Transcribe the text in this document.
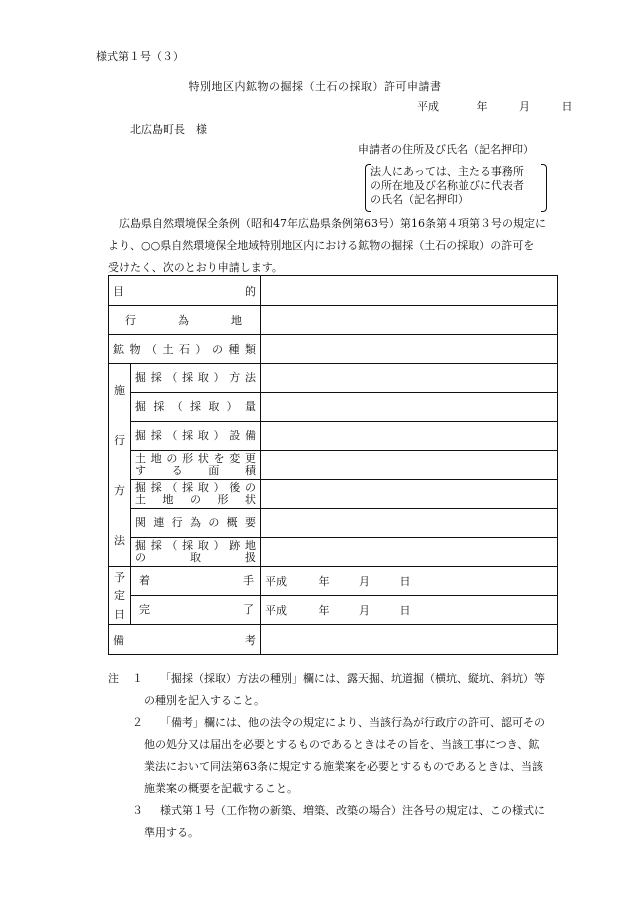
様式第１号（３）
特別地区内鉱物の掘採（土石の採取）許可申請書
平成	年	月	日
北広島町長　様
申請者の住所及び氏名（記名押印）
法人にあっては、主たる事務所
の所在地及び名称並びに代表者
の氏名（記名押印）

広島県自然環境保全条例（昭和47年広島県条例第63号）第16条第４項第３号の規定に

より、○○県自然環境保全地域特別地区内における鉱物の掘採（土石の採取）の許可を

受けたく、次のとおり申請します。

目的		
行為地		
鉱物（土石）の種類		

施
行
方
法	掘採（採取）方法	
	掘採（採取）量	
	掘採（採取）設備	

	土地の形状を変更
する面積	

	掘採（採取）後の
土地の形状	

	関連行為の概要	

	掘採（採取）跡地
の取扱	

予
定
日	着手	平成 年 月 日
	完了	平成 年 月 日
備考		
注 １	「掘採（採取）方法の種別」欄には、露天掘、坑道掘（横坑、縦坑、斜坑）等
の種別を記入すること。
２	「備考」欄には、他の法令の規定により、当該行為が行政庁の許可、認可その
他の処分又は届出を必要とするものであるときはその旨を、当該工事につき、鉱
業法において同法第63条に規定する施業案を必要とするものであるときは、当該
施業案の概要を記載すること。
３	様式第１号（工作物の新築、増築、改築の場合）注各号の規定は、この様式に
準用する。
